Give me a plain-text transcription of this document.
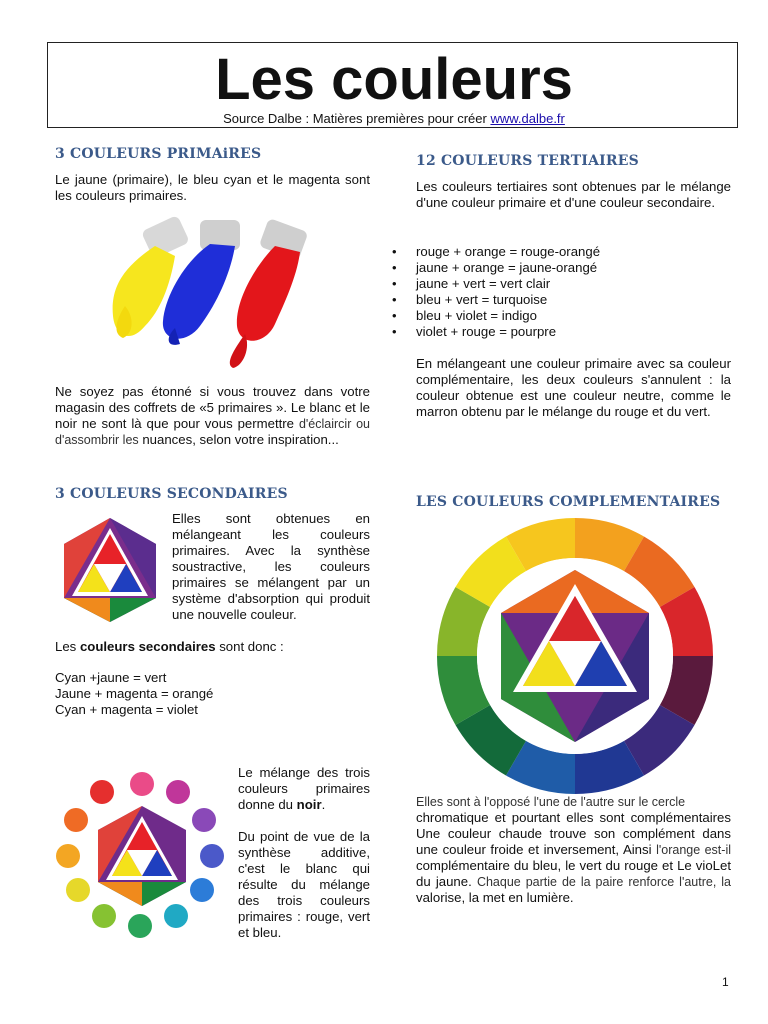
Les couleurs
Source Dalbe : Matières premières pour créer www.dalbe.fr
3 COULEURS PRIMAiRES
Le jaune (primaire), le bleu cyan et le magenta sont les couleurs primaires.
Ne soyez pas étonné si vous trouvez dans votre magasin des coffrets de «5 primaires ». Le blanc et le noir ne sont là que pour vous permettre d'éclaircir ou d'assombrir les nuances, selon votre inspiration...
3 COULEURS SECONDAIRES
Elles sont obtenues en mélangeant les couleurs primaires. Avec la synthèse soustractive, les couleurs primaires se mélangent par un système d'absorption qui produit une nouvelle couleur.
Les couleurs secondaires sont donc :
Cyan +jaune = vert
Jaune + magenta = orangé
Cyan + magenta = violet
Le mélange des trois couleurs primaires donne du noir.
Du point de vue de la synthèse additive, c'est le blanc qui résulte du mélange des trois couleurs primaires : rouge, vert et bleu.
12 COULEURS TERTIAIRES
Les couleurs tertiaires sont obtenues par le mélange d'une couleur primaire et d'une couleur secondaire.
• rouge + orange = rouge-orangé
• jaune + orange = jaune-orangé
• jaune + vert = vert clair
• bleu + vert = turquoise
• bleu + violet = indigo
• violet + rouge = pourpre
En mélangeant une couleur primaire avec sa couleur complémentaire, les deux couleurs s'annulent : la couleur obtenue est une couleur neutre, comme le marron obtenu par le mélange du rouge et du vert.
LES COULEURS COMPLEMENTAIRES
Elles sont à l'opposé l'une de l'autre sur le cercle
chromatique et pourtant elles sont complémentaires Une couleur chaude trouve son complément dans une couleur froide et inversement, Ainsi l'orange est-il complémentaire du bleu, le vert du rouge et Le vioLet du jaune. Chaque partie de la paire renforce l'autre, la valorise, la met en lumière.
1
